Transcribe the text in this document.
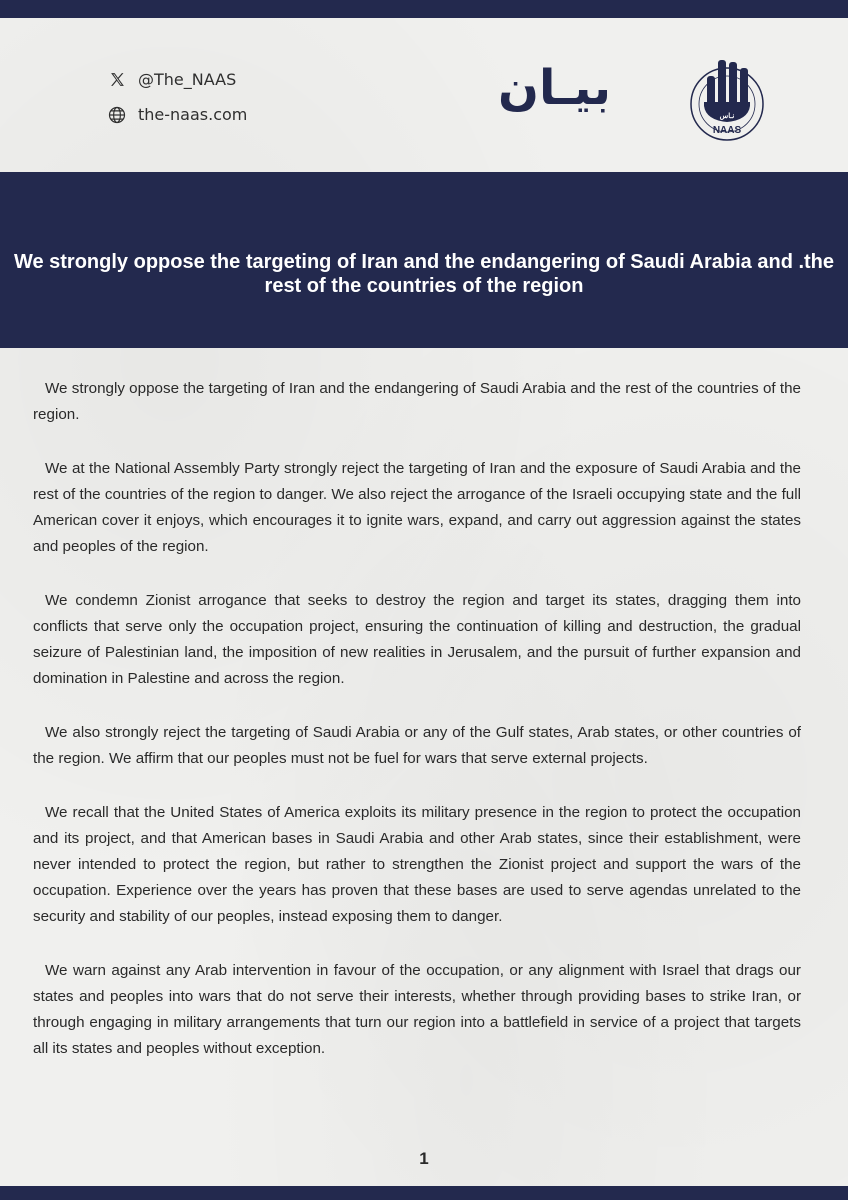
@The_NAAS
the-naas.com	بيـان
نـاس
NAAS
We strongly oppose the targeting of Iran and the endangering of Saudi Arabia and .the rest of the countries of the region

We strongly oppose the targeting of Iran and the endangering of Saudi Arabia and the rest of the countries of the region.

We at the National Assembly Party strongly reject the targeting of Iran and the exposure of Saudi Arabia and the rest of the countries of the region to danger. We also reject the arrogance of the Israeli occupying state and the full American cover it enjoys, which encourages it to ignite wars, expand, and carry out aggression against the states and peoples of the region.

We condemn Zionist arrogance that seeks to destroy the region and target its states, dragging them into conflicts that serve only the occupation project, ensuring the continuation of killing and destruction, the gradual seizure of Palestinian land, the imposition of new realities in Jerusalem, and the pursuit of further expansion and domination in Palestine and across the region.

We also strongly reject the targeting of Saudi Arabia or any of the Gulf states, Arab states, or other countries of the region. We affirm that our peoples must not be fuel for wars that serve external projects.

We recall that the United States of America exploits its military presence in the region to protect the occupation and its project, and that American bases in Saudi Arabia and other Arab states, since their establishment, were never intended to protect the region, but rather to strengthen the Zionist project and support the wars of the occupation. Experience over the years has proven that these bases are used to serve agendas unrelated to the security and stability of our peoples, instead exposing them to danger.

We warn against any Arab intervention in favour of the occupation, or any alignment with Israel that drags our states and peoples into wars that do not serve their interests, whether through providing bases to strike Iran, or through engaging in military arrangements that turn our region into a battlefield in service of a project that targets all its states and peoples without exception.

1
